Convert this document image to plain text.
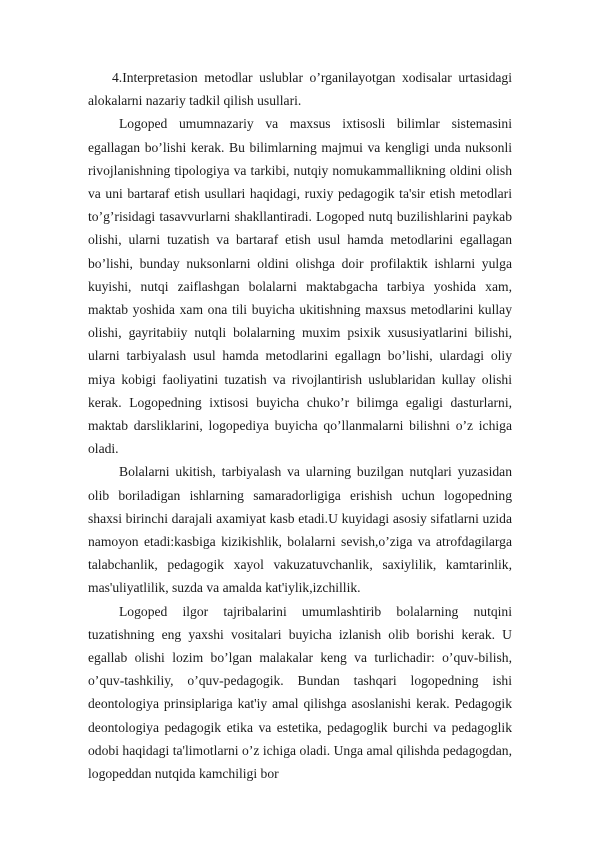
4.Interpretasion metodlar uslublar o’rganilayotgan xodisalar urtasidagi alokalarni nazariy tadkil qilish usullari.

Logoped umumnazariy va maxsus ixtisosli bilimlar sistemasini egallagan bo’lishi kerak. Bu bilimlarning majmui va kengligi unda nuksonli rivojlanishning tipologiya va tarkibi, nutqiy nomukammallikning oldini olish va uni bartaraf etish usullari haqidagi, ruxiy pedagogik ta'sir etish metodlari to’g’risidagi tasavvurlarni shakllantiradi. Logoped nutq buzilishlarini paykab olishi, ularni tuzatish va bartaraf etish usul hamda metodlarini egallagan bo’lishi, bunday nuksonlarni oldini olishga doir profilaktik ishlarni yulga kuyishi, nutqi zaiflashgan bolalarni maktabgacha tarbiya yoshida xam, maktab yoshida xam ona tili buyicha ukitishning maxsus metodlarini kullay olishi, gayritabiiy nutqli bolalarning muxim psixik xususiyatlarini bilishi, ularni tarbiyalash usul hamda metodlarini egallagn bo’lishi, ulardagi oliy miya kobigi faoliyatini tuzatish va rivojlantirish uslublaridan kullay olishi kerak. Logopedning ixtisosi buyicha chuko’r bilimga egaligi dasturlarni, maktab darsliklarini, logopediya buyicha qo’llanmalarni bilishni o’z ichiga oladi.

Bolalarni ukitish, tarbiyalash va ularning buzilgan nutqlari yuzasidan olib boriladigan ishlarning samaradorligiga erishish uchun logopedning shaxsi birinchi darajali axamiyat kasb etadi.U kuyidagi asosiy sifatlarni uzida namoyon etadi:kasbiga kizikishlik, bolalarni sevish,o’ziga va atrofdagilarga talabchanlik, pedagogik xayol vakuzatuvchanlik, saxiylilik, kamtarinlik, mas'uliyatlilik, suzda va amalda kat'iylik,izchillik.

Logoped ilgor tajribalarini umumlashtirib bolalarning nutqini tuzatishning eng yaxshi vositalari buyicha izlanish olib borishi kerak. U egallab olishi lozim bo’lgan malakalar keng va turlichadir: o’quv-bilish, o’quv-tashkiliy, o’quv-pedagogik. Bundan tashqari logopedning ishi deontologiya prinsiplariga kat'iy amal qilishga asoslanishi kerak. Pedagogik deontologiya pedagogik etika va estetika, pedagoglik burchi va pedagoglik odobi haqidagi ta'limotlarni o’z ichiga oladi. Unga amal qilishda pedagogdan, logopeddan nutqida kamchiligi bor
